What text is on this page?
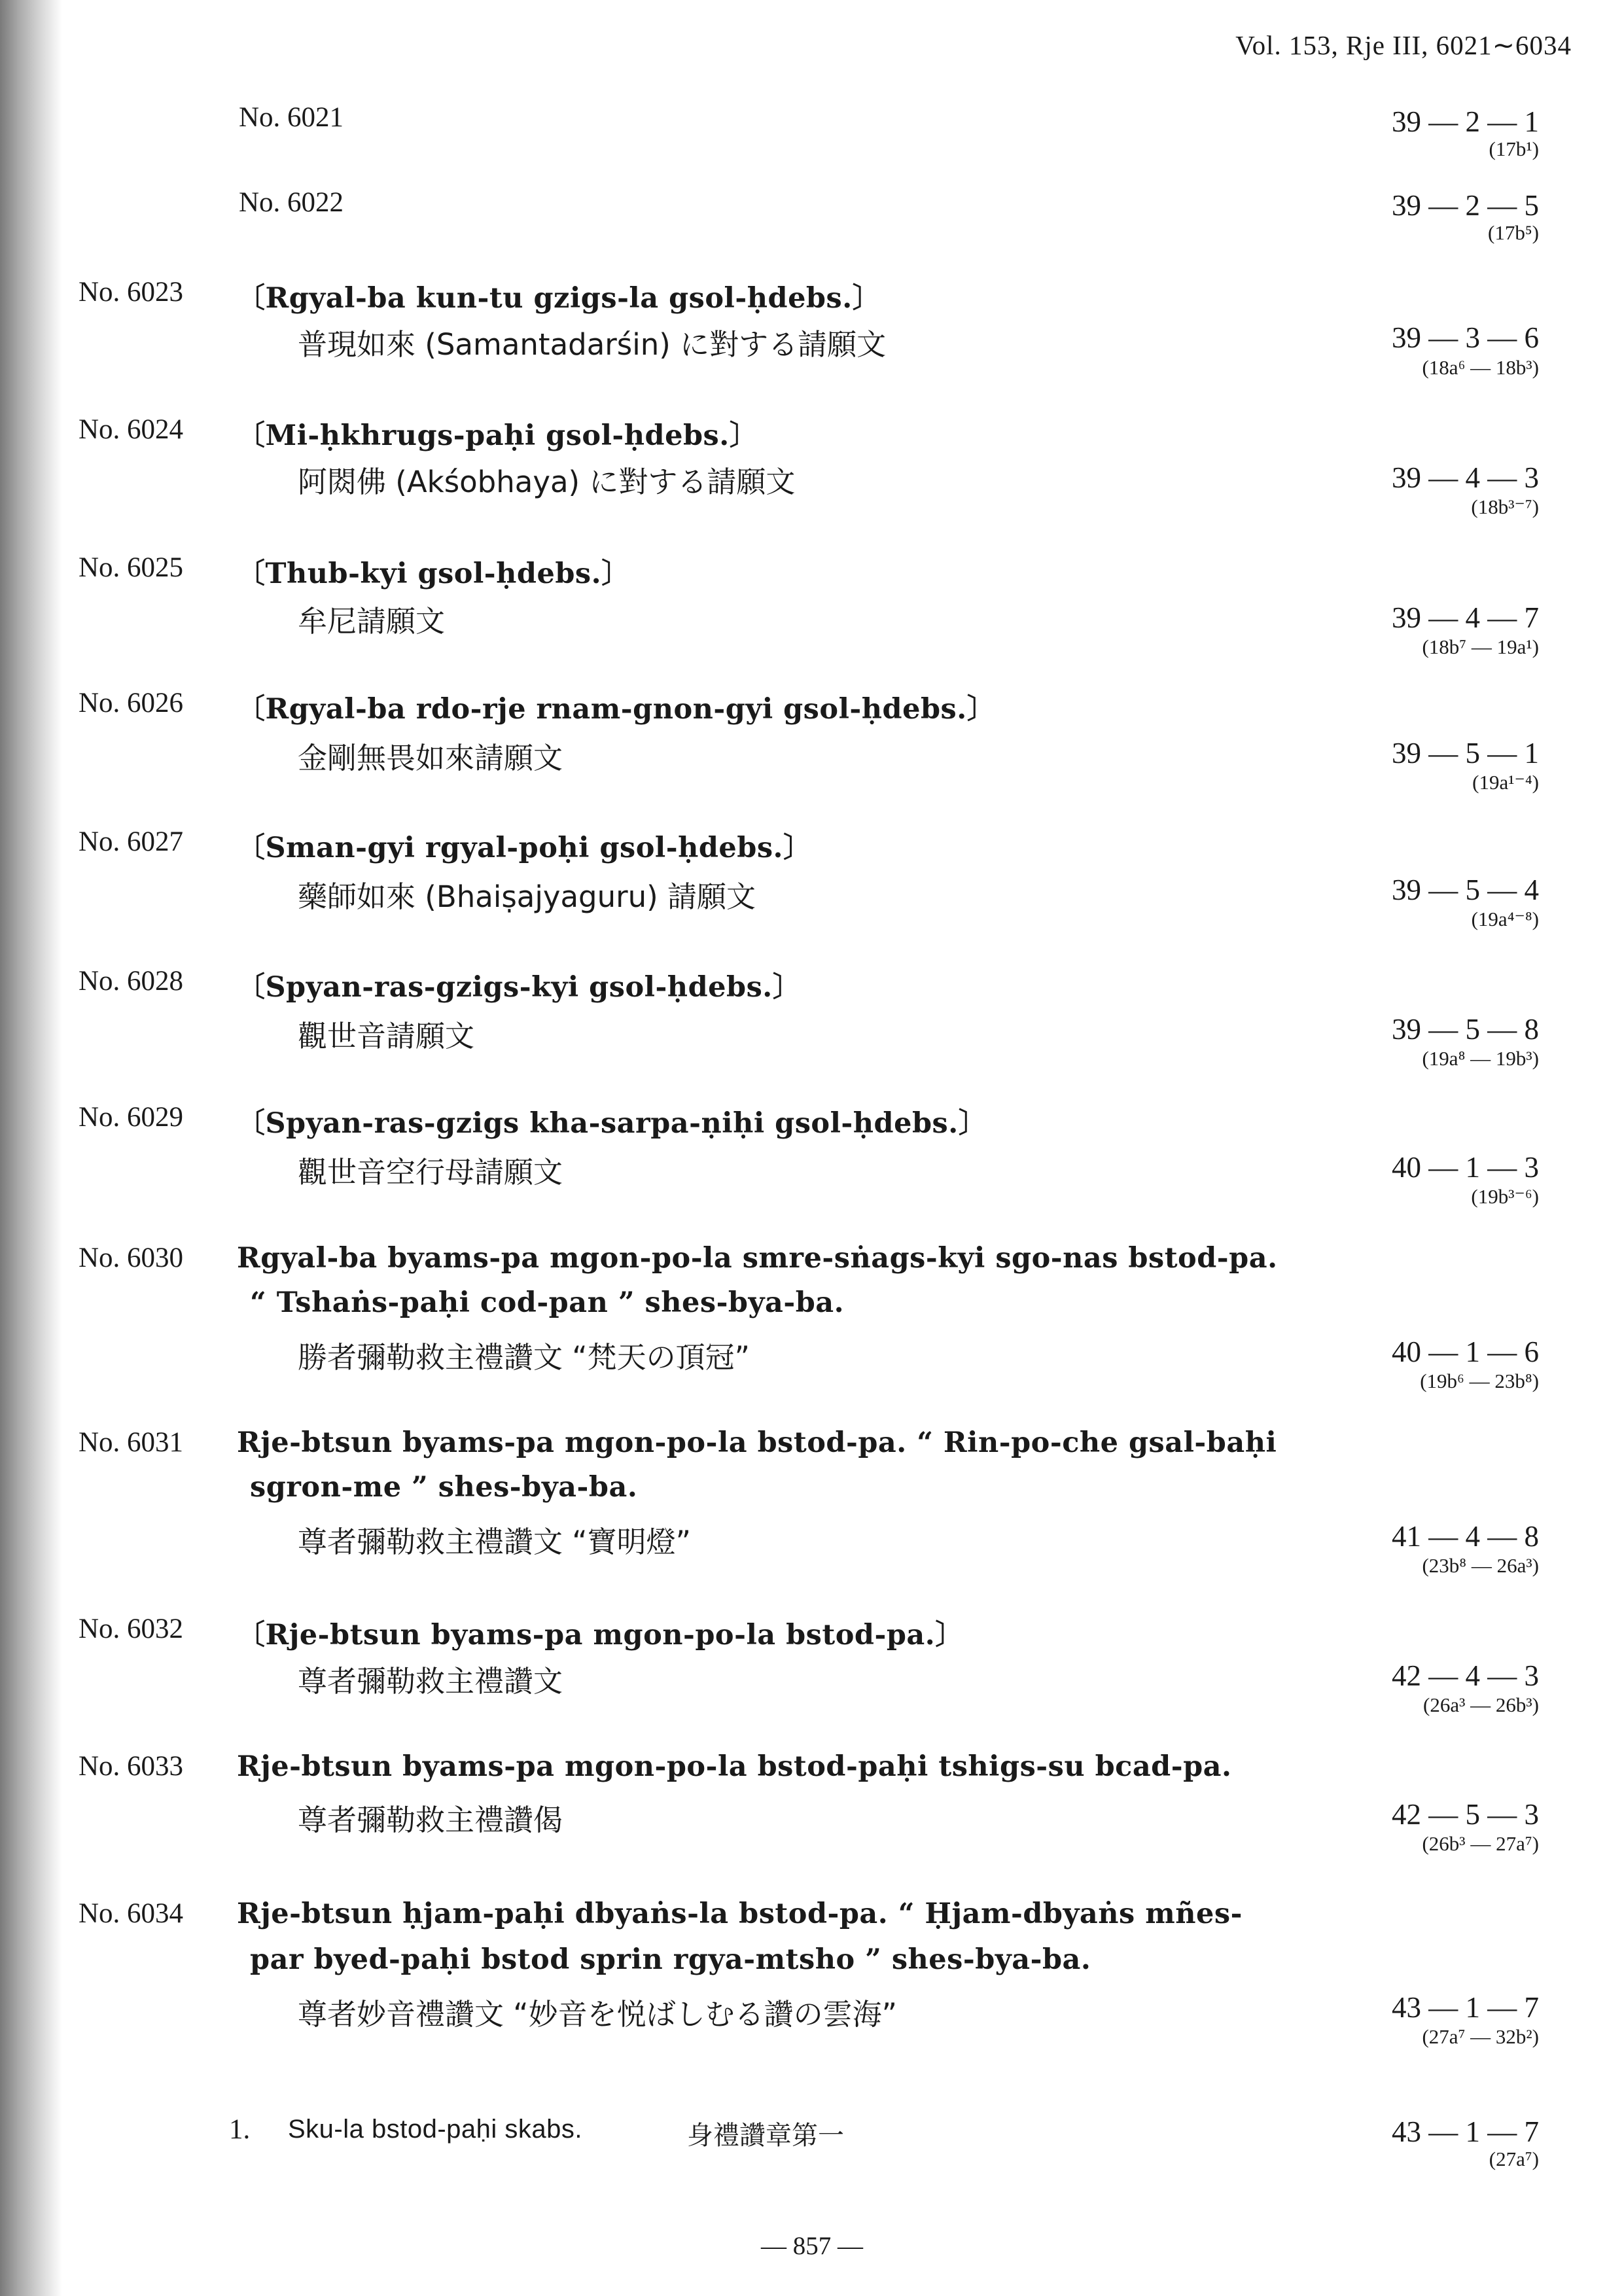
Vol. 153, Rje III, 6021∼6034
No. 6021	39 — 2 — 1
(17b¹)
No. 6022	39 — 2 — 5
(17b⁵)
No. 6023 〔Rgyal-ba kun-tu gzigs-la gsol-ḥdebs.〕
普現如來 (Samantadarśin) に對する請願文	39 — 3 — 6
(18a⁶ — 18b³)
No. 6024 〔Mi-ḥkhrugs-paḥi gsol-ḥdebs.〕
阿閦佛 (Akśobhaya) に對する請願文	39 — 4 — 3
(18b³⁻⁷)
No. 6025 〔Thub-kyi gsol-ḥdebs.〕
牟尼請願文	39 — 4 — 7
(18b⁷ — 19a¹)
No. 6026 〔Rgyal-ba rdo-rje rnam-gnon-gyi gsol-ḥdebs.〕
金剛無畏如來請願文	39 — 5 — 1
(19a¹⁻⁴)
No. 6027 〔Sman-gyi rgyal-poḥi gsol-ḥdebs.〕
藥師如來 (Bhaiṣajyaguru) 請願文	39 — 5 — 4
(19a⁴⁻⁸)
No. 6028 〔Spyan-ras-gzigs-kyi gsol-ḥdebs.〕
觀世音請願文	39 — 5 — 8
(19a⁸ — 19b³)
No. 6029 〔Spyan-ras-gzigs kha-sarpa-ṇiḥi gsol-ḥdebs.〕
觀世音空行母請願文	40 — 1 — 3
(19b³⁻⁶)
No. 6030 Rgyal-ba byams-pa mgon-po-la smre-sṅags-kyi sgo-nas bstod-pa.
“ Tshaṅs-paḥi cod-pan ” shes-bya-ba.
勝者彌勒救主禮讚文 “梵天の頂冠”	40 — 1 — 6
(19b⁶ — 23b⁸)
No. 6031 Rje-btsun byams-pa mgon-po-la bstod-pa. “ Rin-po-che gsal-baḥi
sgron-me ” shes-bya-ba.
尊者彌勒救主禮讚文 “寶明燈”	41 — 4 — 8
(23b⁸ — 26a³)
No. 6032 〔Rje-btsun byams-pa mgon-po-la bstod-pa.〕
尊者彌勒救主禮讚文	42 — 4 — 3
(26a³ — 26b³)
No. 6033 Rje-btsun byams-pa mgon-po-la bstod-paḥi tshigs-su bcad-pa.
尊者彌勒救主禮讚偈	42 — 5 — 3
(26b³ — 27a⁷)
No. 6034 Rje-btsun ḥjam-paḥi dbyaṅs-la bstod-pa. “ Ḥjam-dbyaṅs mñes-
par byed-paḥi bstod sprin rgya-mtsho ” shes-bya-ba.
尊者妙音禮讚文 “妙音を悦ばしむる讚の雲海”	43 — 1 — 7
(27a⁷ — 32b²)
1. Sku-la bstod-paḥi skabs.	身禮讚章第一	43 — 1 — 7
(27a⁷)
— 857 —
